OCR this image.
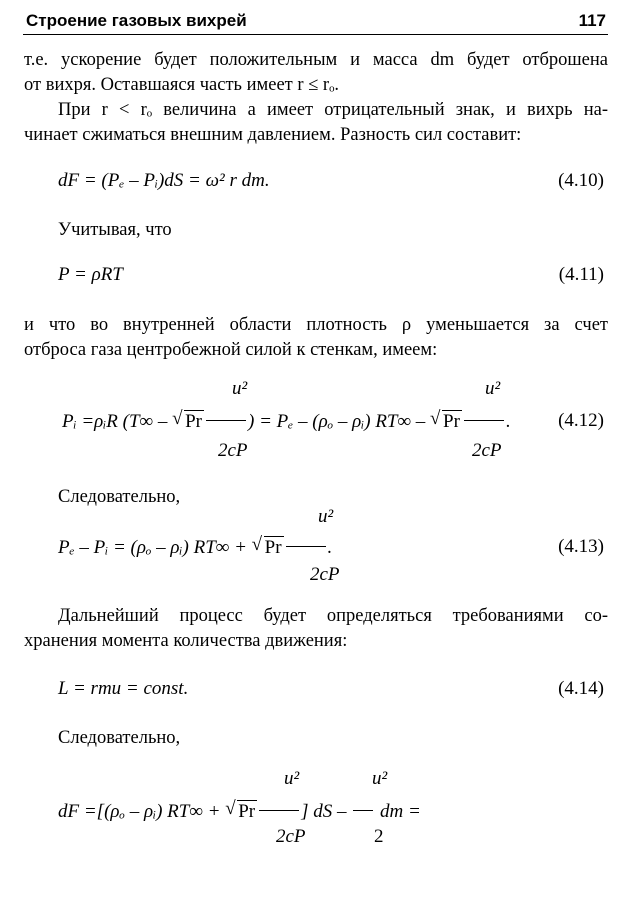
Строение газовых вихрей	117
т.е. ускорение будет положительным и масса dm будет отброшена
от вихря. Оставшаяся часть имеет r ≤ rₒ.
При r < rₒ величина a имеет отрицательный знак, и вихрь на-
чинает сжиматься внешним давлением. Разность сил составит:
dF = (Pₑ – Pᵢ)dS = ω² r dm.	(4.10)
Учитывая, что
P = ρRT	(4.11)
и что во внутренней области плотность ρ уменьшается за счет
отброса газа центробежной силой к стенкам, имеем:
u²	u²
Pᵢ =ρᵢR (T∞ – √ Pr ) = Pₑ – (ρₒ – ρᵢ) RT∞ – √ Pr . (4.12)
2cP	2cP
Следовательно,
u²
Pₑ – Pᵢ = (ρₒ – ρᵢ) RT∞ + √ Pr .	(4.13)
2cP
Дальнейший процесс будет определяться требованиями со-
хранения момента количества движения:
L = rmu = const.	(4.14)
Следовательно,
u²	u²
dF =[(ρₒ – ρᵢ) RT∞ + √ Pr ] dS –  dm =
2cP	2
